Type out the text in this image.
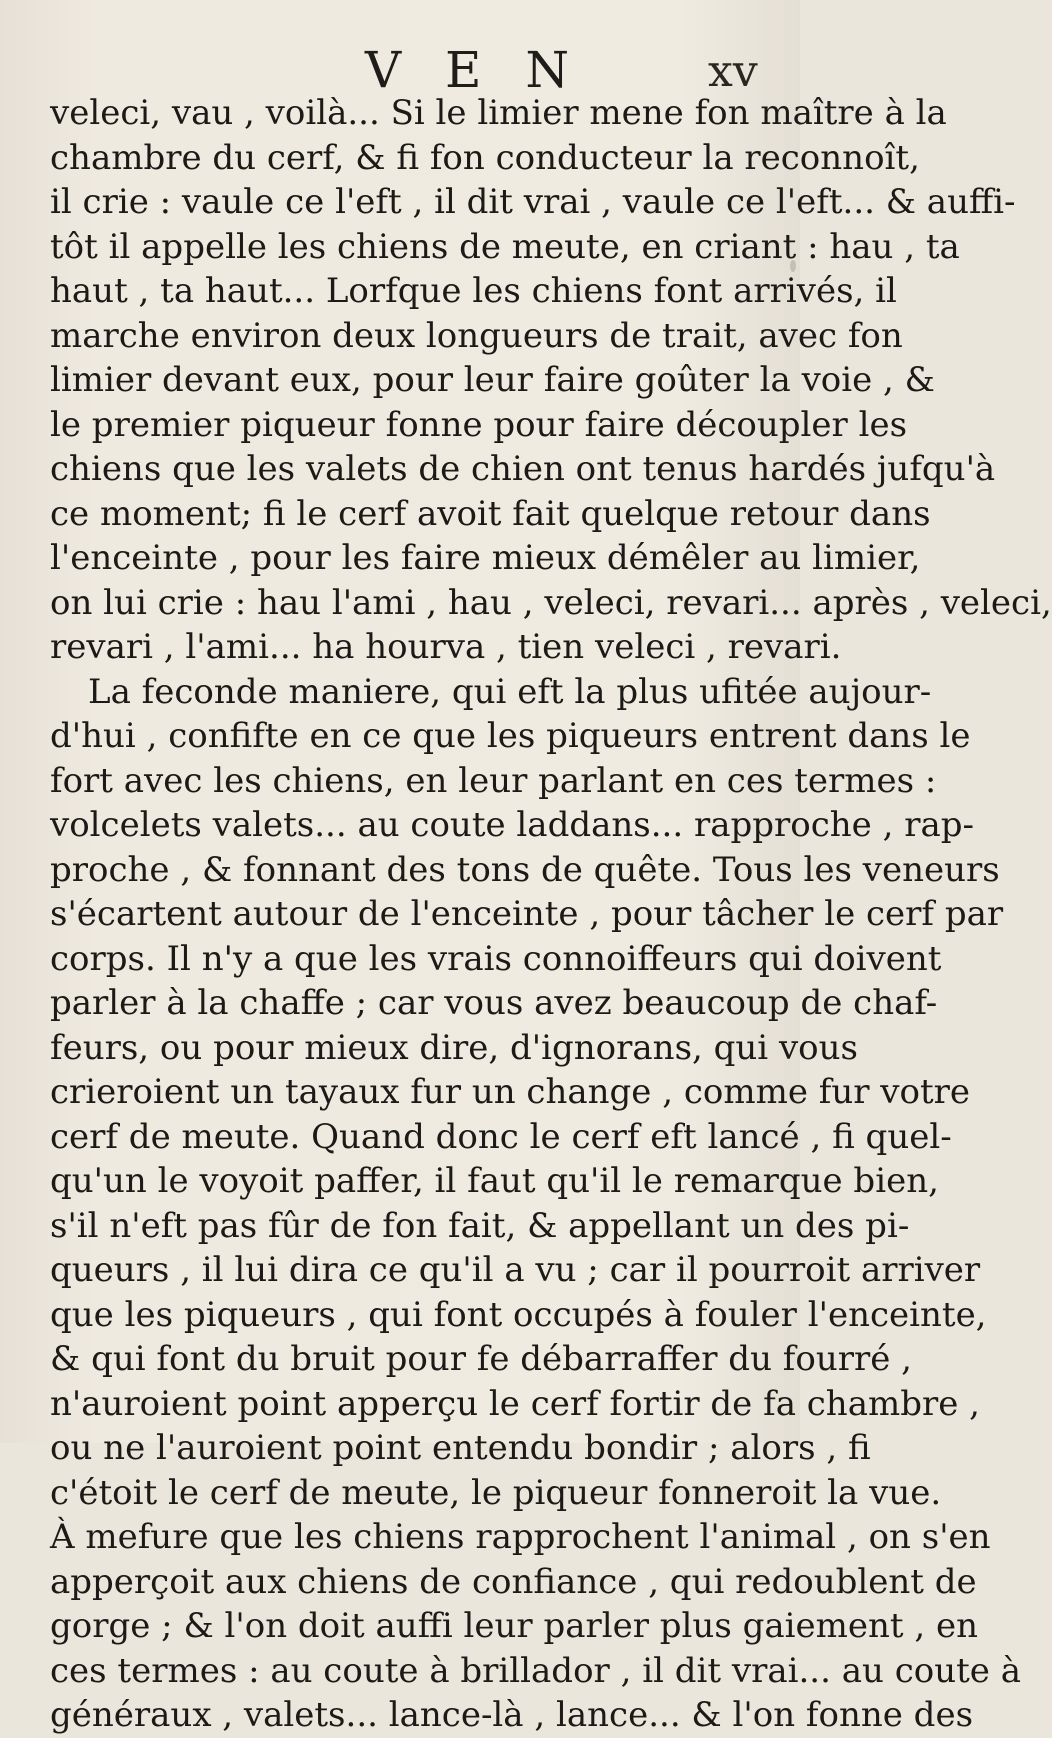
V E N	xv
veleci, vau , voilà... Si le limier mene fon maître à la
chambre du cerf, & fi fon conducteur la reconnoît,
il crie : vaule ce l'eft , il dit vrai , vaule ce l'eft... & auffi-
tôt il appelle les chiens de meute, en criant : hau , ta
haut , ta haut... Lorfque les chiens font arrivés, il
marche environ deux longueurs de trait, avec fon
limier devant eux, pour leur faire goûter la voie , &
le premier piqueur fonne pour faire découpler les
chiens que les valets de chien ont tenus hardés jufqu'à
ce moment; fi le cerf avoit fait quelque retour dans
l'enceinte , pour les faire mieux démêler au limier,
on lui crie : hau l'ami , hau , veleci, revari... après , veleci,
revari , l'ami... ha hourva , tien veleci , revari.
La feconde maniere, qui eft la plus ufitée aujour-
d'hui , confifte en ce que les piqueurs entrent dans le
fort avec les chiens, en leur parlant en ces termes :
volcelets valets... au coute laddans... rapproche , rap-
proche , & fonnant des tons de quête. Tous les veneurs
s'écartent autour de l'enceinte , pour tâcher le cerf par
corps. Il n'y a que les vrais connoiffeurs qui doivent
parler à la chaffe ; car vous avez beaucoup de chaf-
feurs, ou pour mieux dire, d'ignorans, qui vous
crieroient un tayaux fur un change , comme fur votre
cerf de meute. Quand donc le cerf eft lancé , fi quel-
qu'un le voyoit paffer, il faut qu'il le remarque bien,
s'il n'eft pas fûr de fon fait, & appellant un des pi-
queurs , il lui dira ce qu'il a vu ; car il pourroit arriver
que les piqueurs , qui font occupés à fouler l'enceinte,
& qui font du bruit pour fe débarraffer du fourré ,
n'auroient point apperçu le cerf fortir de fa chambre ,
ou ne l'auroient point entendu bondir ; alors , fi
c'étoit le cerf de meute, le piqueur fonneroit la vue.
À mefure que les chiens rapprochent l'animal , on s'en
apperçoit aux chiens de confiance , qui redoublent de
gorge ; & l'on doit auffi leur parler plus gaiement , en
ces termes : au coute à brillador , il dit vrai... au coute à
généraux , valets... lance-là , lance... & l'on fonne des
